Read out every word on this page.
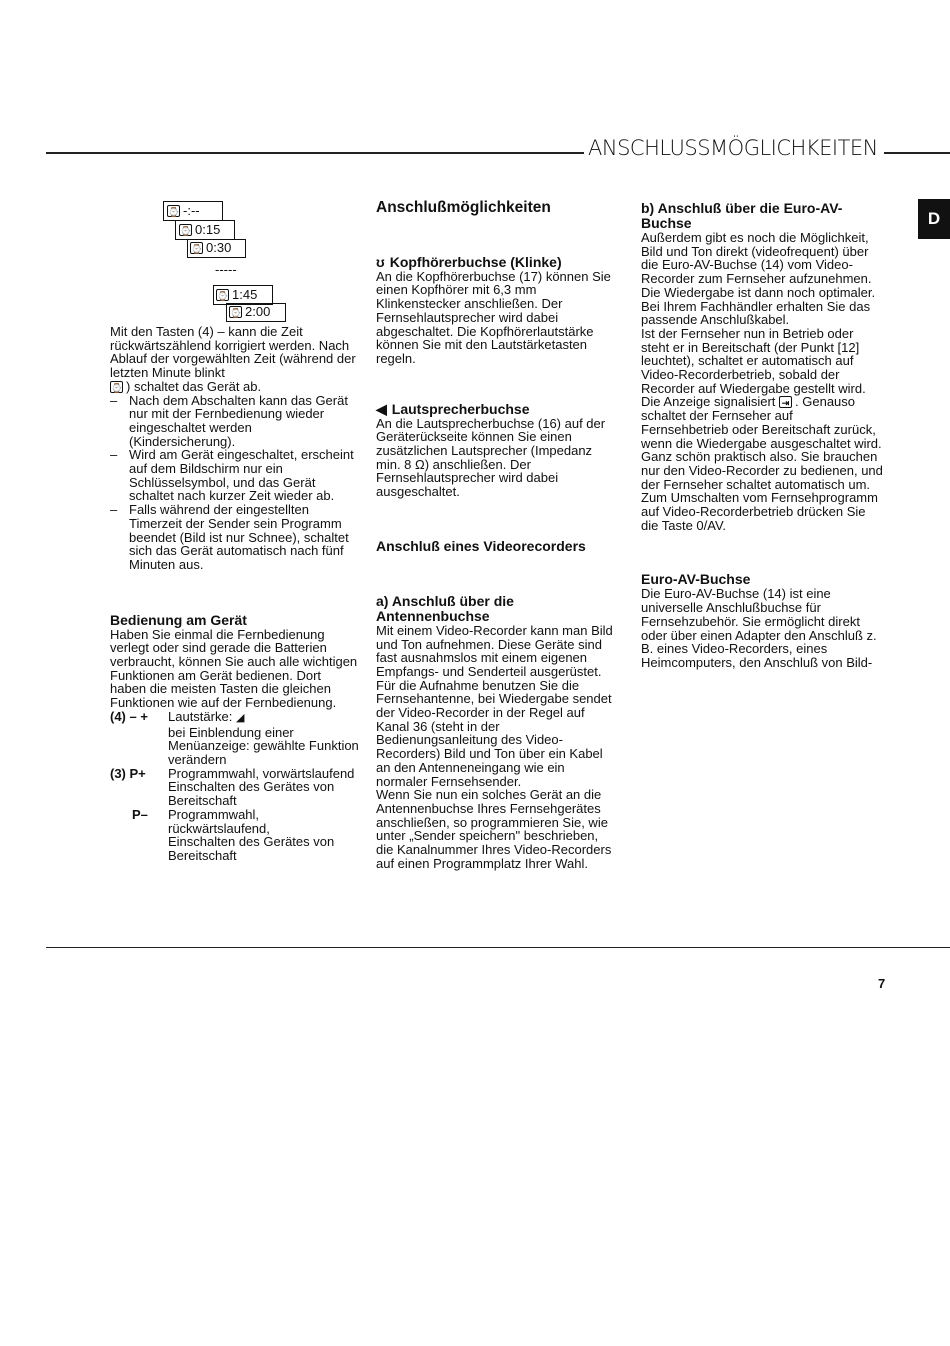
ANSCHLUSSMÖGLICHKEITEN
D
⌚ -:--
⌚ 0:15
⌚ 0:30
-----
⌚ 1:45
⌚ 2:00

Mit den Tasten (4) – kann die Zeit rückwärtszählend korrigiert werden. Nach Ablauf der vorgewählten Zeit (während der letzten Minute blinkt
⌚ ) schaltet das Gerät ab.

– Nach dem Abschalten kann das Gerät nur mit der Fernbedienung wieder eingeschaltet werden (Kindersicherung).
– Wird am Gerät eingeschaltet, erscheint auf dem Bildschirm nur ein Schlüsselsymbol, und das Gerät schaltet nach kurzer Zeit wieder ab.
– Falls während der eingestellten Timerzeit der Sender sein Programm beendet (Bild ist nur Schnee), schaltet sich das Gerät automatisch nach fünf Minuten aus.

Bedienung am Gerät

Haben Sie einmal die Fernbedienung verlegt oder sind gerade die Batterien verbraucht, können Sie auch alle wichtigen Funktionen am Gerät bedienen. Dort haben die meisten Tasten die gleichen Funktionen wie auf der Fernbedienung.

(4) – +	Lautstärke: ◢
bei Einblendung einer Menüanzeige: gewählte Funktion verändern
(3) P+	Programmwahl, vorwärtslaufend
Einschalten des Gerätes von Bereitschaft
P–	Programmwahl, rückwärtslaufend,
Einschalten des Gerätes von Bereitschaft

Anschlußmöglichkeiten

ʊ Kopfhörerbuchse (Klinke)

An die Kopfhörerbuchse (17) können Sie einen Kopfhörer mit 6,3 mm Klinkenstecker anschließen. Der Fernsehlautsprecher wird dabei abgeschaltet. Die Kopfhörerlautstärke können Sie mit den Lautstärketasten regeln.

◀ Lautsprecherbuchse

An die Lautsprecherbuchse (16) auf der Geräterückseite können Sie einen zusätzlichen Lautsprecher (Impedanz min. 8 Ω) anschließen. Der Fernsehlautsprecher wird dabei ausgeschaltet.

Anschluß eines Videorecorders

a) Anschluß über die Antennenbuchse

Mit einem Video-Recorder kann man Bild und Ton aufnehmen. Diese Geräte sind fast ausnahmslos mit einem eigenen Empfangs- und Senderteil ausgerüstet. Für die Aufnahme benutzen Sie die Fernsehantenne, bei Wiedergabe sendet der Video-Recorder in der Regel auf Kanal 36 (steht in der Bedienungsanleitung des Video-Recorders) Bild und Ton über ein Kabel an den Antenneneingang wie ein normaler Fernsehsender.

Wenn Sie nun ein solches Gerät an die Antennenbuchse Ihres Fernsehgerätes anschließen, so programmieren Sie, wie unter „Sender speichern" beschrieben, die Kanalnummer Ihres Video-Recorders auf einen Programmplatz Ihrer Wahl.

b) Anschluß über die Euro-AV-Buchse

Außerdem gibt es noch die Möglichkeit, Bild und Ton direkt (videofrequent) über die Euro-AV-Buchse (14) vom Video-Recorder zum Fernseher aufzunehmen. Die Wiedergabe ist dann noch optimaler. Bei Ihrem Fachhändler erhalten Sie das passende Anschlußkabel.

Ist der Fernseher nun in Betrieb oder steht er in Bereitschaft (der Punkt [12] leuchtet), schaltet er automatisch auf Video-Recorderbetrieb, sobald der Recorder auf Wiedergabe gestellt wird. Die Anzeige signalisiert ⇥ . Genauso schaltet der Fernseher auf Fernsehbetrieb oder Bereitschaft zurück, wenn die Wiedergabe ausgeschaltet wird. Ganz schön praktisch also. Sie brauchen nur den Video-Recorder zu bedienen, und der Fernseher schaltet automatisch um. Zum Umschalten vom Fernsehprogramm auf Video-Recorderbetrieb drücken Sie die Taste 0/AV.

Euro-AV-Buchse

Die Euro-AV-Buchse (14) ist eine universelle Anschlußbuchse für Fernsehzubehör. Sie ermöglicht direkt oder über einen Adapter den Anschluß z. B. eines Video-Recorders, eines Heimcomputers, den Anschluß von Bild-

7
